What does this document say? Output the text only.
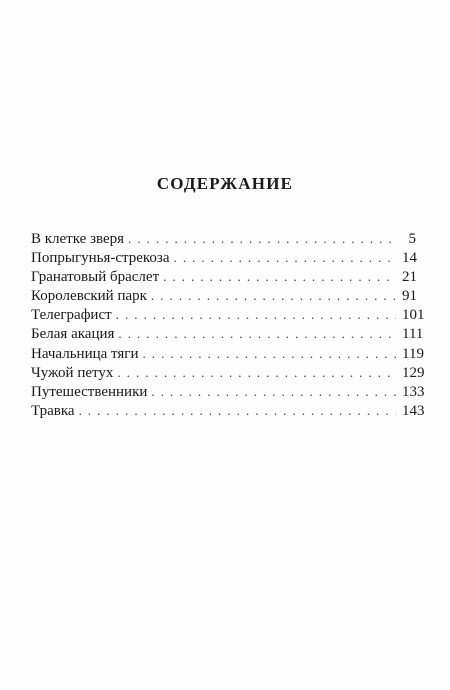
СОДЕРЖАНИЕ
В клетке зверя . . .	5
Попрыгунья-стрекоза . . .	14
Гранатовый браслет . . .	21
Королевский парк . . .	91
Телеграфист . . .	101
Белая акация . . .	111
Начальница тяги . . .	119
Чужой петух . . .	129
Путешественники . . .	133
Травка . . .	143
